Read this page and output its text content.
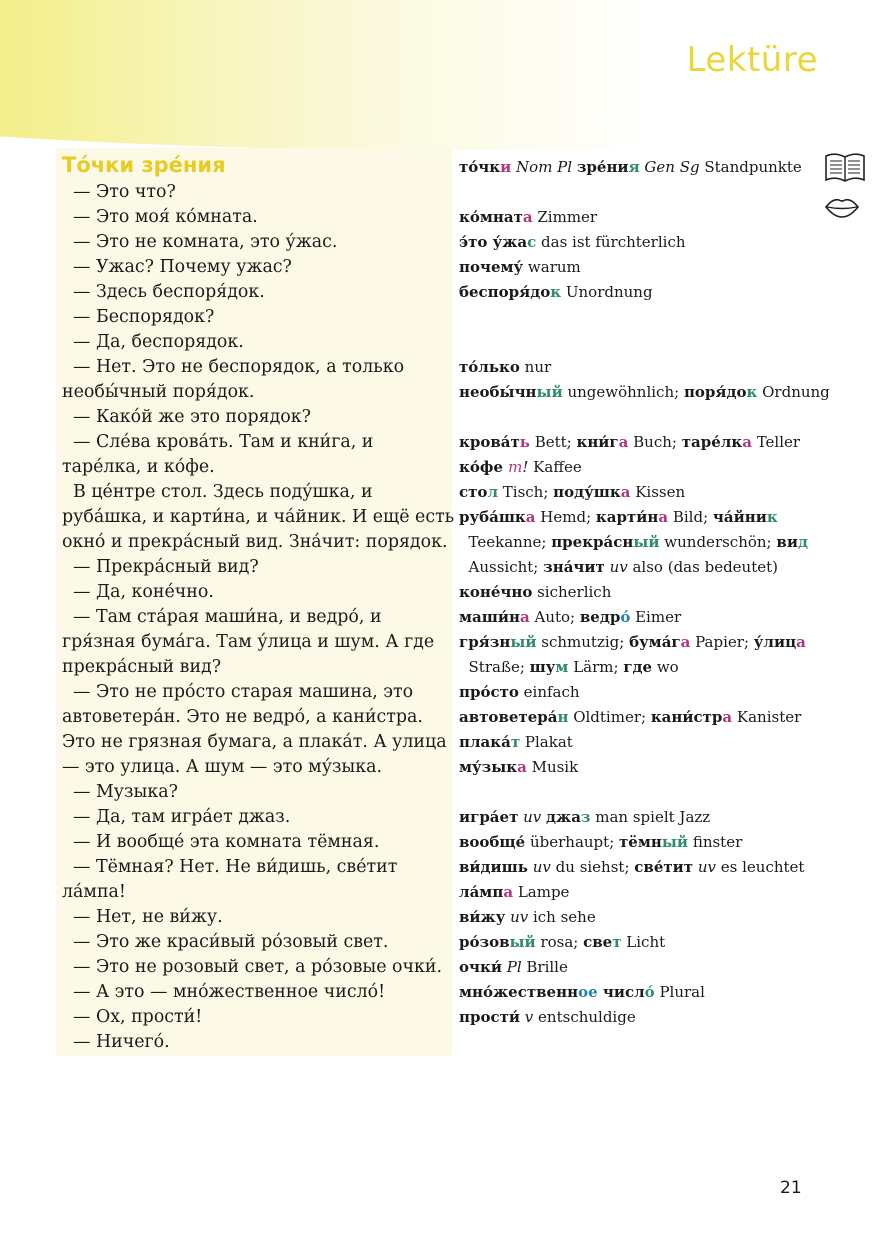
Lektüre
То́чки зре́ния
— Это что?
— Это моя́ ко́мната.
— Это не комната, это у́жас.
— Ужас? Почему ужас?
— Здесь беспоря́док.
— Беспорядок?
— Да, беспорядок.
— Нет. Это не беспорядок, а только
необы́чный поря́док.
— Како́й же это порядок?
— Сле́ва крова́ть. Там и кни́га, и
таре́лка, и ко́фе.
В це́нтре стол. Здесь поду́шка, и
руба́шка, и карти́на, и ча́йник. И ещё есть
окно́ и прекра́сный вид. Зна́чит: порядок.
— Прекра́сный вид?
— Да, коне́чно.
— Там ста́рая маши́на, и ведро́, и
гря́зная бума́га. Там у́лица и шум. А где
прекра́сный вид?
— Это не про́сто старая машина, это
автоветера́н. Это не ведро́, а кани́стра.
Это не грязная бумага, а плака́т. А улица
— это улица. А шум — это му́зыка.
— Музыка?
— Да, там игра́ет джаз.
— И вообще́ эта комната тёмная.
— Тёмная? Нет. Не ви́дишь, све́тит
ла́мпа!
— Нет, не ви́жу.
— Это же краси́вый ро́зовый свет.
— Это не розовый свет, а ро́зовые очки́.
— А это — мно́жественное число́!
— Ох, прости́!
— Ничего́.
то́чки Nom Pl зре́ния Gen Sg Standpunkte
ко́мната Zimmer
э́то у́жас das ist fürchterlich
почему́ warum
беспоря́док Unordnung
то́лько nur
необы́чный ungewöhnlich; поря́док Ordnung
крова́ть Bett; кни́га Buch; таре́лка Teller
ко́фе m! Kaffee
стол Tisch; поду́шка Kissen
руба́шка Hemd; карти́на Bild; ча́йник
Teekanne; прекра́сный wunderschön; вид
Aussicht; зна́чит uv also (das bedeutet)
коне́чно sicherlich
маши́на Auto; ведро́ Eimer
гря́зный schmutzig; бума́га Papier; у́лица
Straße; шум Lärm; где wo
про́сто einfach
автоветера́н Oldtimer; кани́стра Kanister
плака́т Plakat
му́зыка Musik
игра́ет uv джаз man spielt Jazz
вообще́ überhaupt; тёмный finster
ви́дишь uv du siehst; све́тит uv es leuchtet
ла́мпа Lampe
ви́жу uv ich sehe
ро́зовый rosa; свет Licht
очки́ Pl Brille
мно́жественное число́ Plural
прости́ v entschuldige
21
